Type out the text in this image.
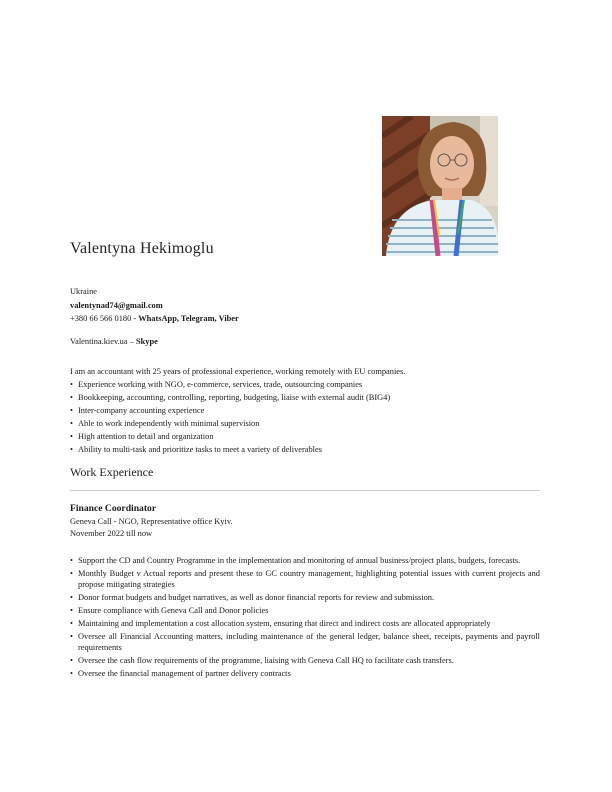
Valentyna Hekimoglu
Ukraine
valentynad74@gmail.com
+380 66 566 0180 - WhatsApp, Telegram, Viber
Valentina.kiev.ua – Skype
I am an accountant with 25 years of professional experience, working remotely with EU companies.
• Experience working with NGO, e-commerce, services, trade, outsourcing companies
• Bookkeeping, accounting, controlling, reporting, budgeting, liaise with external audit (BIG4)
• Inter-company accounting experience
• Able to work independently with minimal supervision
• High attention to detail and organization
• Ability to multi-task and prioritize tasks to meet a variety of deliverables
Work Experience
Finance Coordinator
Geneva Call - NGO, Representative office Kyiv.
November 2022 till now
• Support the CD and Country Programme in the implementation and monitoring of annual business/project plans, budgets, forecasts.
• Monthly Budget v Actual reports and present these to GC country management, highlighting potential issues with current projects and propose mitigating strategies
• Donor format budgets and budget narratives, as well as donor financial reports for review and submission.
• Ensure compliance with Geneva Call and Donor policies
• Maintaining and implementation a cost allocation system, ensuring that direct and indirect costs are allocated appropriately
• Oversee all Financial Accounting matters, including maintenance of the general ledger, balance sheet, receipts, payments and payroll requirements
• Oversee the cash flow requirements of the programme, liaising with Geneva Call HQ to facilitate cash transfers.
• Oversee the financial management of partner delivery contracts
